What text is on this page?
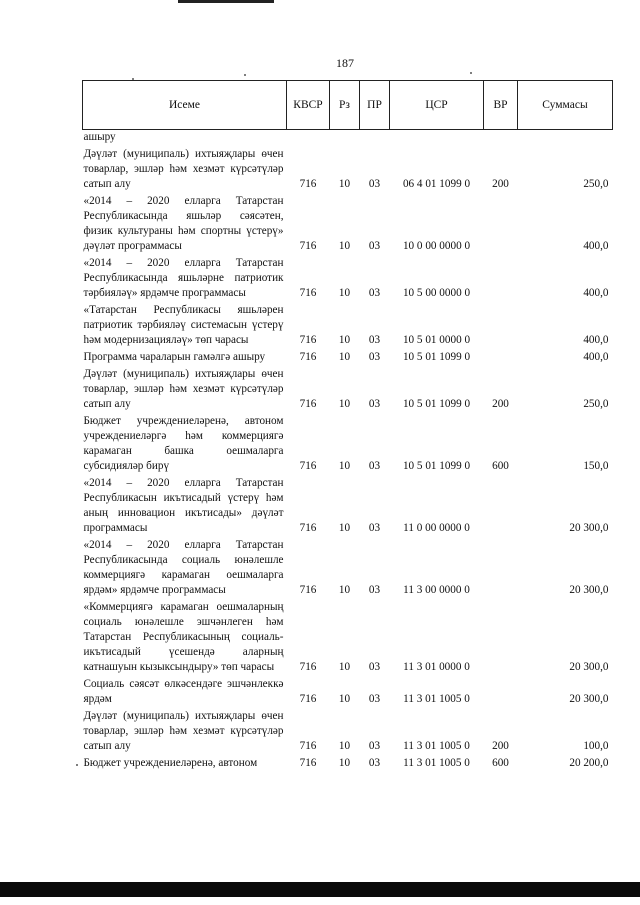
187
Исеме	КВСР	Рз	ПР	ЦСР	ВР	Суммасы
ашыру						
Дәүләт (муниципаль) ихтыяҗлары өчен товарлар, эшләр һәм хезмәт күрсәтүләр сатып алу	716	10	03	06 4 01 1099 0	200	250,0
«2014 – 2020 елларга Татарстан Республикасында яшьләр сәясәтен, физик культураны һәм спортны үстерү» дәүләт программасы	716	10	03	10 0 00 0000 0		400,0
«2014 – 2020 елларга Татарстан Республикасында яшьләрне патриотик тәрбияләү» ярдәмче программасы	716	10	03	10 5 00 0000 0		400,0
«Татарстан Республикасы яшьләрен патриотик тәрбияләү системасын үстерү һәм модернизацияләү» төп чарасы	716	10	03	10 5 01 0000 0		400,0
Программа чараларын гамәлгә ашыру	716	10	03	10 5 01 1099 0		400,0
Дәүләт (муниципаль) ихтыяҗлары өчен товарлар, эшләр һәм хезмәт күрсәтүләр сатып алу	716	10	03	10 5 01 1099 0	200	250,0
Бюджет учреждениеләренә, автоном учреждениеләргә һәм коммерциягә карамаган башка оешмаларга субсидияләр бирү	716	10	03	10 5 01 1099 0	600	150,0
«2014 – 2020 елларга Татарстан Республикасын икътисадый үстерү һәм аның инновацион икътисады» дәүләт программасы	716	10	03	11 0 00 0000 0		20 300,0
«2014 – 2020 елларга Татарстан Республикасында социаль юнәлешле коммерциягә карамаган оешмаларга ярдәм» ярдәмче программасы	716	10	03	11 3 00 0000 0		20 300,0
«Коммерциягә карамаган оешмаларның социаль юнәлешле эшчәнлеген һәм Татарстан Республикасының социаль-икътисадый үсешендә аларның катнашуын кызыксындыру» төп чарасы	716	10	03	11 3 01 0000 0		20 300,0
Социаль сәясәт өлкәсендәге эшчәнлеккә ярдәм	716	10	03	11 3 01 1005 0		20 300,0
Дәүләт (муниципаль) ихтыяҗлары өчен товарлар, эшләр һәм хезмәт күрсәтүләр сатып алу	716	10	03	11 3 01 1005 0	200	100,0
Бюджет учреждениеләренә, автоном	716	10	03	11 3 01 1005 0	600	20 200,0
